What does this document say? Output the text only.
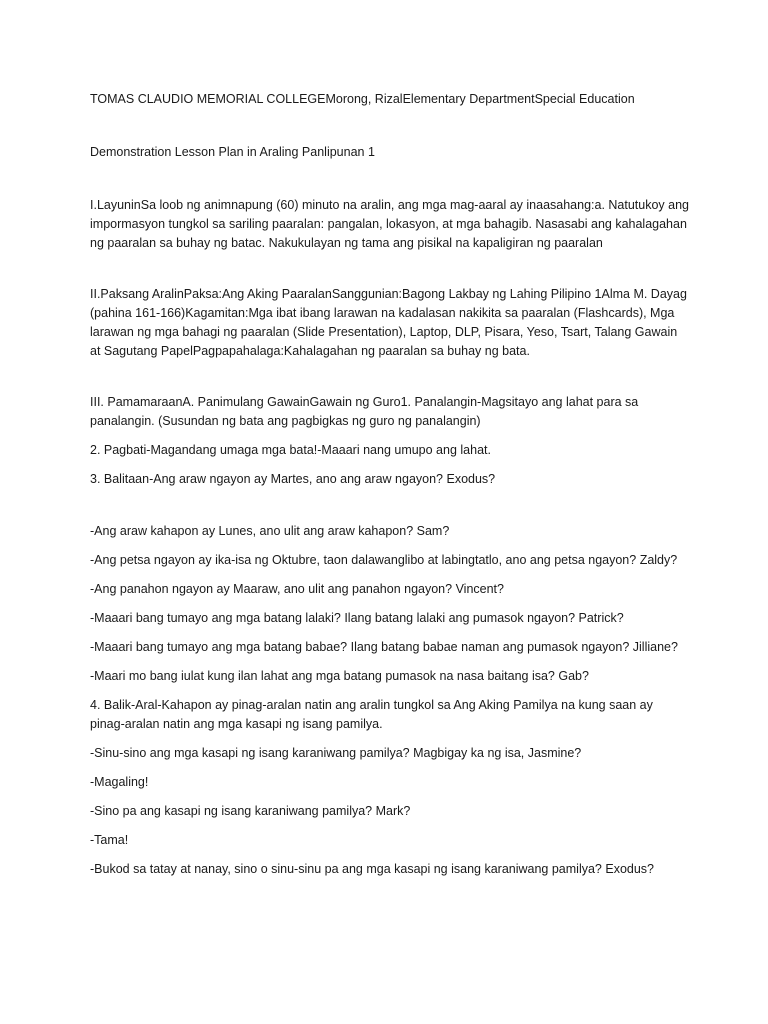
TOMAS CLAUDIO MEMORIAL COLLEGEMorong, RizalElementary DepartmentSpecial Education

Demonstration Lesson Plan in Araling Panlipunan 1

I.LayuninSa loob ng animnapung (60) minuto na aralin, ang mga mag-aaral ay inaasahang:a. Natutukoy ang impormasyon tungkol sa sariling paaralan: pangalan, lokasyon, at mga bahagib. Nasasabi ang kahalagahan ng paaralan sa buhay ng batac. Nakukulayan ng tama ang pisikal na kapaligiran ng paaralan

II.Paksang AralinPaksa:Ang Aking PaaralanSanggunian:Bagong Lakbay ng Lahing Pilipino 1Alma M. Dayag (pahina 161-166)Kagamitan:Mga ibat ibang larawan na kadalasan nakikita sa paaralan (Flashcards), Mga larawan ng mga bahagi ng paaralan (Slide Presentation), Laptop, DLP, Pisara, Yeso, Tsart, Talang Gawain at Sagutang PapelPagpapahalaga:Kahalagahan ng paaralan sa buhay ng bata.

III. PamamaraanA. Panimulang GawainGawain ng Guro1. Panalangin-Magsitayo ang lahat para sa panalangin. (Susundan ng bata ang pagbigkas ng guro ng panalangin)

2. Pagbati-Magandang umaga mga bata!-Maaari nang umupo ang lahat.

3. Balitaan-Ang araw ngayon ay Martes, ano ang araw ngayon? Exodus?

-Ang araw kahapon ay Lunes, ano ulit ang araw kahapon? Sam?

-Ang petsa ngayon ay ika-isa ng Oktubre, taon dalawanglibo at labingtatlo, ano ang petsa ngayon? Zaldy?

-Ang panahon ngayon ay Maaraw, ano ulit ang panahon ngayon? Vincent?

-Maaari bang tumayo ang mga batang lalaki? Ilang batang lalaki ang pumasok ngayon? Patrick?

-Maaari bang tumayo ang mga batang babae? Ilang batang babae naman ang pumasok ngayon? Jilliane?

-Maari mo bang iulat kung ilan lahat ang mga batang pumasok na nasa baitang isa? Gab?

4. Balik-Aral-Kahapon ay pinag-aralan natin ang aralin tungkol sa Ang Aking Pamilya na kung saan ay pinag-aralan natin ang mga kasapi ng isang pamilya.

-Sinu-sino ang mga kasapi ng isang karaniwang pamilya? Magbigay ka ng isa, Jasmine?

-Magaling!

-Sino pa ang kasapi ng isang karaniwang pamilya? Mark?

-Tama!

-Bukod sa tatay at nanay, sino o sinu-sinu pa ang mga kasapi ng isang karaniwang pamilya? Exodus?
